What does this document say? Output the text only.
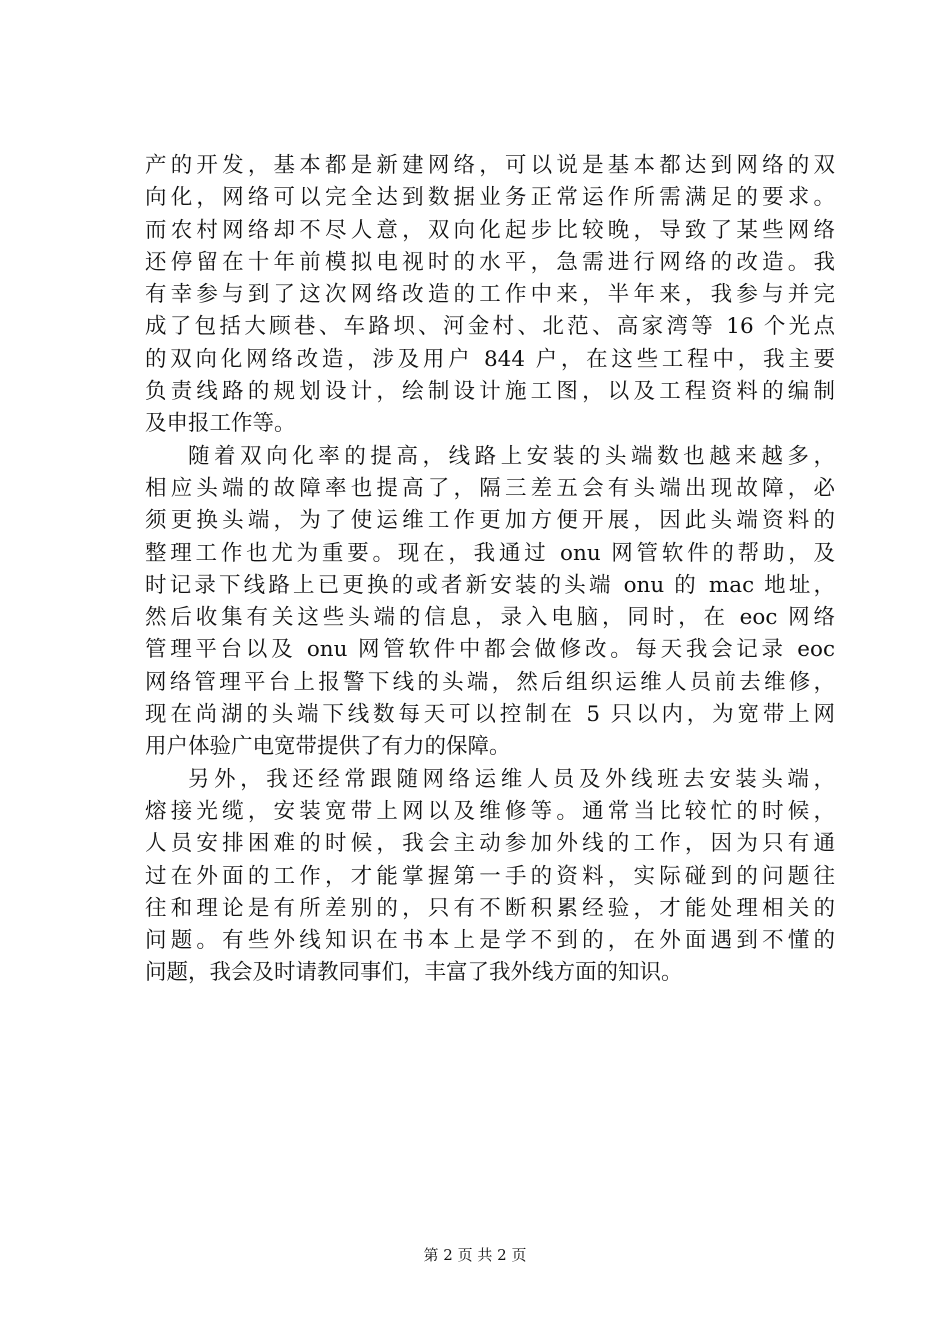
产的开发，基本都是新建网络，可以说是基本都达到网络的双
向化，网络可以完全达到数据业务正常运作所需满足的要求。
而农村网络却不尽人意，双向化起步比较晚，导致了某些网络
还停留在十年前模拟电视时的水平，急需进行网络的改造。我
有幸参与到了这次网络改造的工作中来，半年来，我参与并完
成了包括大顾巷、车路坝、河金村、北范、高家湾等 16 个光点
的双向化网络改造，涉及用户 844 户，在这些工程中，我主要
负责线路的规划设计，绘制设计施工图，以及工程资料的编制
及申报工作等。
随着双向化率的提高，线路上安装的头端数也越来越多，
相应头端的故障率也提高了，隔三差五会有头端出现故障，必
须更换头端，为了使运维工作更加方便开展，因此头端资料的
整理工作也尤为重要。现在，我通过 onu 网管软件的帮助，及
时记录下线路上已更换的或者新安装的头端 onu 的 mac 地址，
然后收集有关这些头端的信息，录入电脑，同时，在 eoc 网络
管理平台以及 onu 网管软件中都会做修改。每天我会记录 eoc
网络管理平台上报警下线的头端，然后组织运维人员前去维修，
现在尚湖的头端下线数每天可以控制在 5 只以内，为宽带上网
用户体验广电宽带提供了有力的保障。
另外，我还经常跟随网络运维人员及外线班去安装头端，
熔接光缆，安装宽带上网以及维修等。通常当比较忙的时候，
人员安排困难的时候，我会主动参加外线的工作，因为只有通
过在外面的工作，才能掌握第一手的资料，实际碰到的问题往
往和理论是有所差别的，只有不断积累经验，才能处理相关的
问题。有些外线知识在书本上是学不到的，在外面遇到不懂的
问题，我会及时请教同事们，丰富了我外线方面的知识。
第 2 页 共 2 页
